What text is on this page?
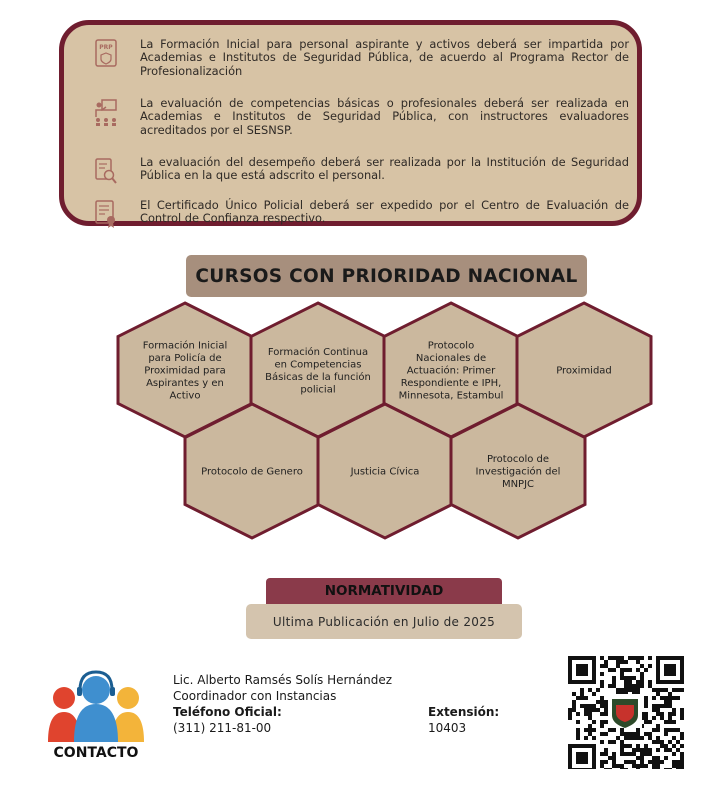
PRP La Formación Inicial para personal aspirante y activos deberá ser impartida por Academias e Institutos de Seguridad Pública, de acuerdo al Programa Rector de Profesionalización
La evaluación de competencias básicas o profesionales deberá ser realizada en Academias e Institutos de Seguridad Pública, con instructores evaluadores acreditados por el SESNSP.
La evaluación del desempeño deberá ser realizada por la Institución de Seguridad Pública en la que está adscrito el personal.
El Certificado Único Policial deberá ser expedido por el Centro de Evaluación de Control de Confianza respectivo.
CURSOS CON PRIORIDAD NACIONAL
Formación Inicial para Policía de Proximidad para Aspirantes y en Activo
Formación Continua en Competencias Básicas de la función policial
Protocolo Nacionales de Actuación: Primer Respondiente e IPH, Minnesota, Estambul
Proximidad
Protocolo de Genero	Justicia Cívica
Protocolo de Investigación del MNPJC
NORMATIVIDAD
Ultima Publicación en Julio de 2025
CONTACTO
Lic. Alberto Ramsés Solís Hernández
Coordinador con Instancias
Teléfono Oficial:
(311) 211-81-00
Extensión:
10403
